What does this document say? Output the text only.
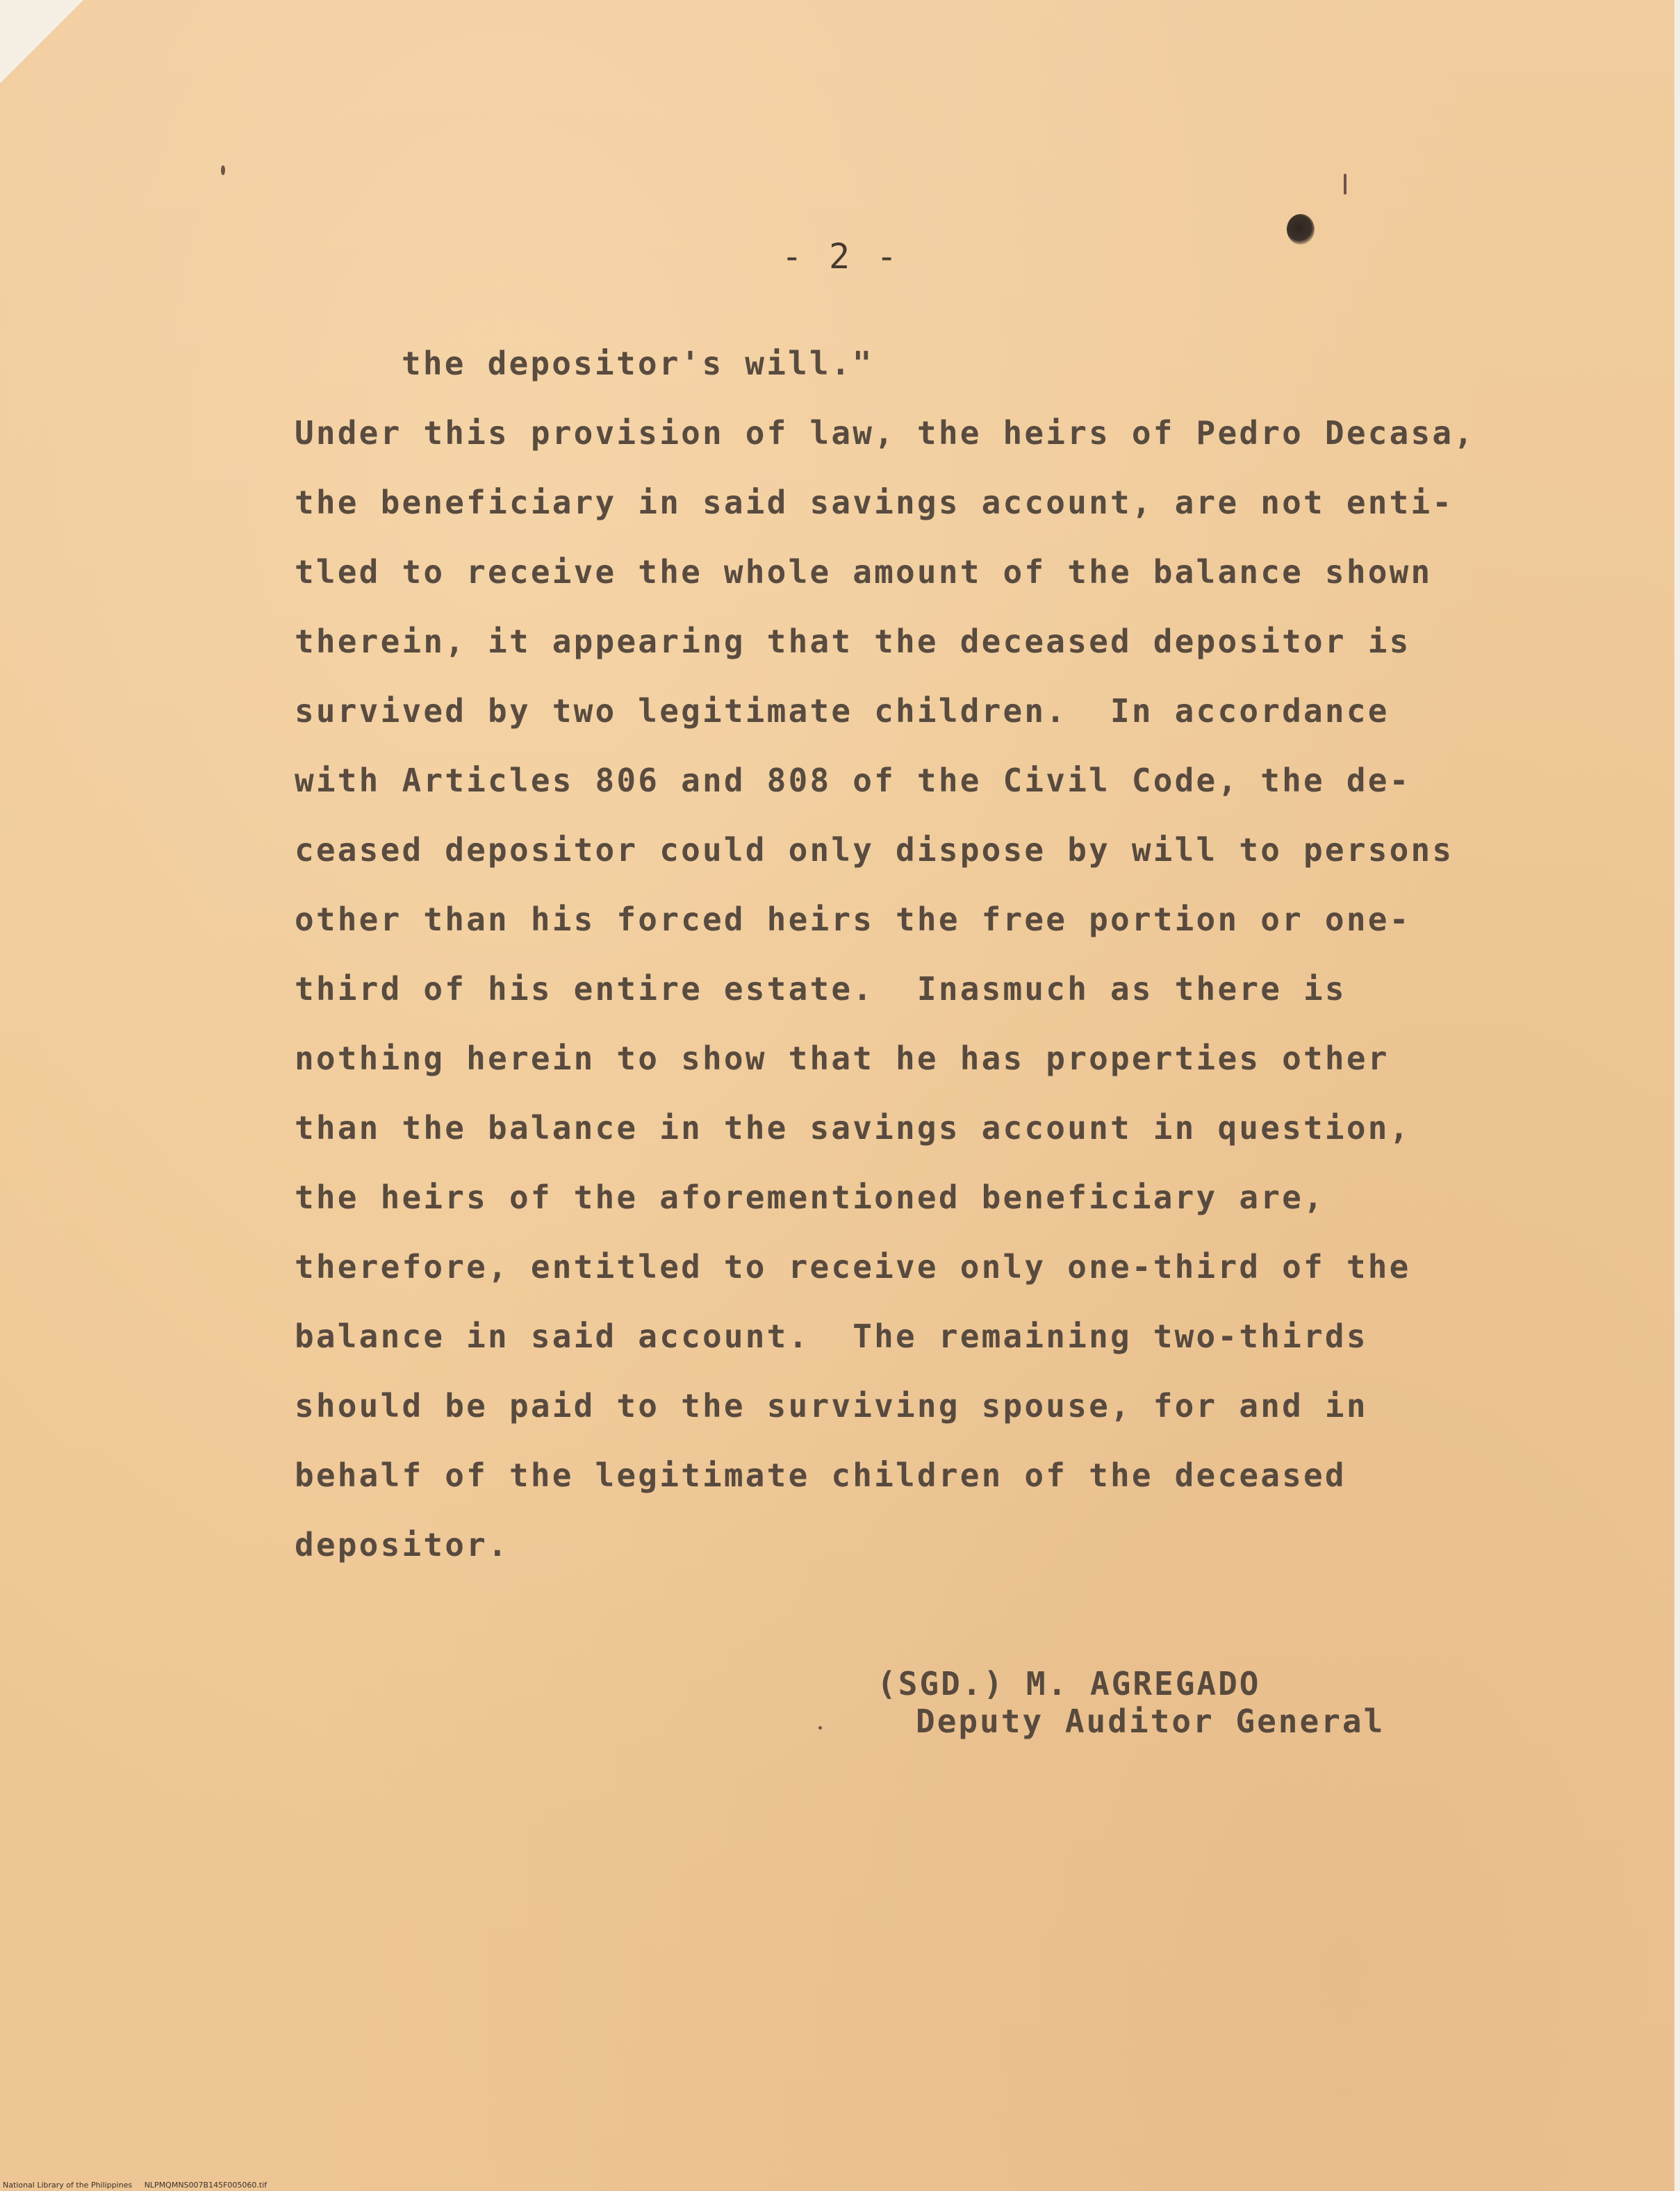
- 2 -
the depositor's will."
Under this provision of law, the heirs of Pedro Decasa,
the beneficiary in said savings account, are not enti-
tled to receive the whole amount of the balance shown
therein, it appearing that the deceased depositor is
survived by two legitimate children.  In accordance
with Articles 806 and 808 of the Civil Code, the de-
ceased depositor could only dispose by will to persons
other than his forced heirs the free portion or one-
third of his entire estate.  Inasmuch as there is
nothing herein to show that he has properties other
than the balance in the savings account in question,
the heirs of the aforementioned beneficiary are,
therefore, entitled to receive only one-third of the
balance in said account.  The remaining two-thirds
should be paid to the surviving spouse, for and in
behalf of the legitimate children of the deceased
depositor.
(SGD.) M. AGREGADO
Deputy Auditor General
National Library of the Philippines NLPMQMNS007B145F005060.tif
